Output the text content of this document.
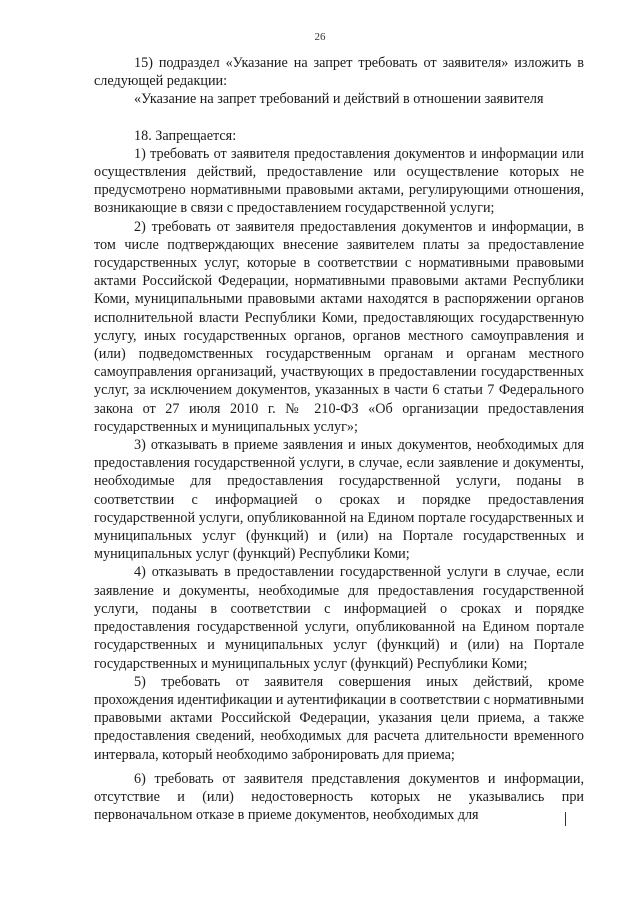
26

15) подраздел «Указание на запрет требовать от заявителя» изложить в следующей редакции:

«Указание на запрет требований и действий в отношении заявителя

18. Запрещается:

1) требовать от заявителя предоставления документов и информации или осуществления действий, предоставление или осуществление которых не предусмотрено нормативными правовыми актами, регулирующими отношения, возникающие в связи с предоставлением государственной услуги;

2) требовать от заявителя предоставления документов и информации, в том числе подтверждающих внесение заявителем платы за предоставление государственных услуг, которые в соответствии с нормативными правовыми актами Российской Федерации, нормативными правовыми актами Республики Коми, муниципальными правовыми актами находятся в распоряжении органов исполнительной власти Республики Коми, предоставляющих государственную услугу, иных государственных органов, органов местного самоуправления и (или) подведомственных государственным органам и органам местного самоуправления организаций, участвующих в предоставлении государственных услуг, за исключением документов, указанных в части 6 статьи 7 Федерального закона от 27 июля 2010 г. № 210-ФЗ «Об организации предоставления государственных и муниципальных услуг»;

3) отказывать в приеме заявления и иных документов, необходимых для предоставления государственной услуги, в случае, если заявление и документы, необходимые для предоставления государственной услуги, поданы в соответствии с информацией о сроках и порядке предоставления государственной услуги, опубликованной на Едином портале государственных и муниципальных услуг (функций) и (или) на Портале государственных и муниципальных услуг (функций) Республики Коми;

4) отказывать в предоставлении государственной услуги в случае, если заявление и документы, необходимые для предоставления государственной услуги, поданы в соответствии с информацией о сроках и порядке предоставления государственной услуги, опубликованной на Едином портале государственных и муниципальных услуг (функций) и (или) на Портале государственных и муниципальных услуг (функций) Республики Коми;

5) требовать от заявителя совершения иных действий, кроме прохождения идентификации и аутентификации в соответствии с нормативными правовыми актами Российской Федерации, указания цели приема, а также предоставления сведений, необходимых для расчета длительности временного интервала, который необходимо забронировать для приема;

6) требовать от заявителя представления документов и информации, отсутствие и (или) недостоверность которых не указывались при первоначальном отказе в приеме документов, необходимых для
